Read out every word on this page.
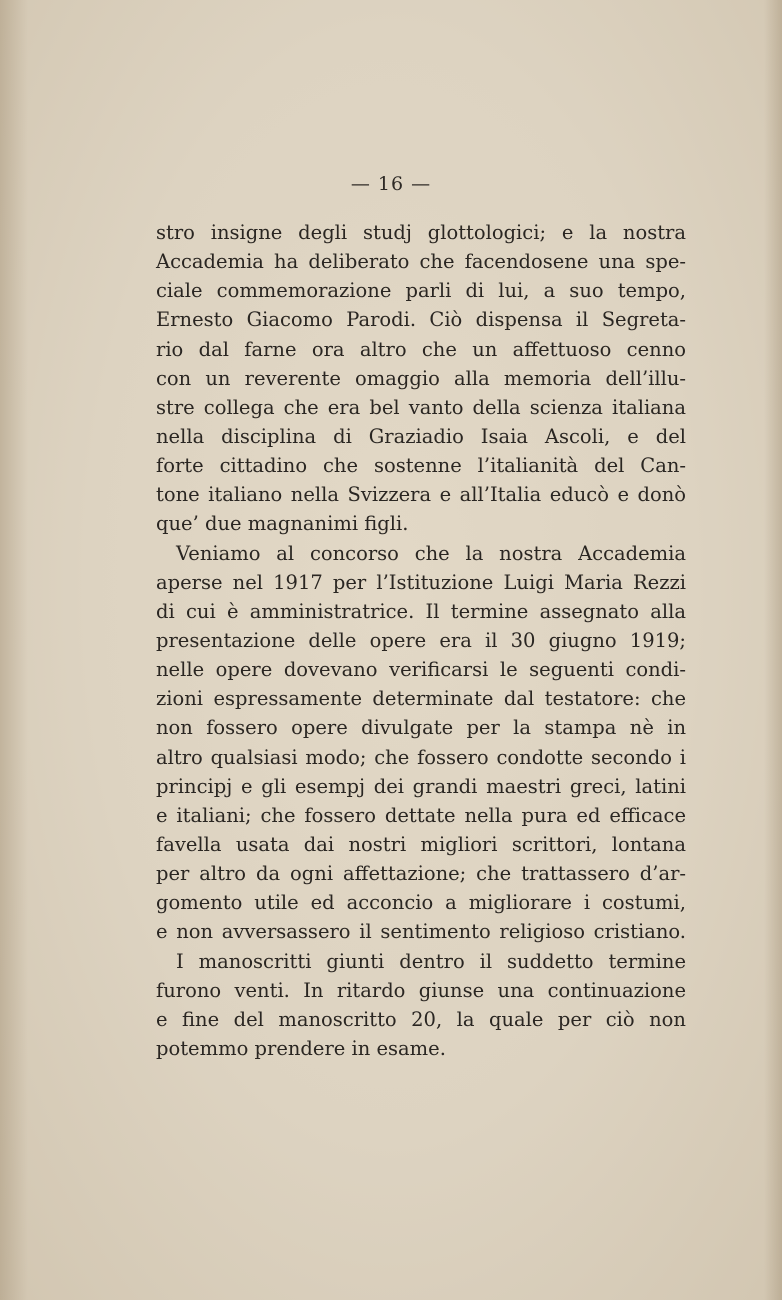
— 16 —
stro insigne degli studj glottologici; e la nostra
Accademia ha deliberato che facendosene una spe-
ciale commemorazione parli di lui, a suo tempo,
Ernesto Giacomo Parodi. Ciò dispensa il Segreta-
rio dal farne ora altro che un affettuoso cenno
con un reverente omaggio alla memoria dell’illu-
stre collega che era bel vanto della scienza italiana
nella disciplina di Graziadio Isaia Ascoli, e del
forte cittadino che sostenne l’italianità del Can-
tone italiano nella Svizzera e all’Italia educò e donò
que’ due magnanimi figli.
Veniamo al concorso che la nostra Accademia
aperse nel 1917 per l’Istituzione Luigi Maria Rezzi
di cui è amministratrice. Il termine assegnato alla
presentazione delle opere era il 30 giugno 1919;
nelle opere dovevano verificarsi le seguenti condi-
zioni espressamente determinate dal testatore: che
non fossero opere divulgate per la stampa nè in
altro qualsiasi modo; che fossero condotte secondo i
principj e gli esempj dei grandi maestri greci, latini
e italiani; che fossero dettate nella pura ed efficace
favella usata dai nostri migliori scrittori, lontana
per altro da ogni affettazione; che trattassero d’ar-
gomento utile ed acconcio a migliorare i costumi,
e non avversassero il sentimento religioso cristiano.
I manoscritti giunti dentro il suddetto termine
furono venti. In ritardo giunse una continuazione
e fine del manoscritto 20, la quale per ciò non
potemmo prendere in esame.
